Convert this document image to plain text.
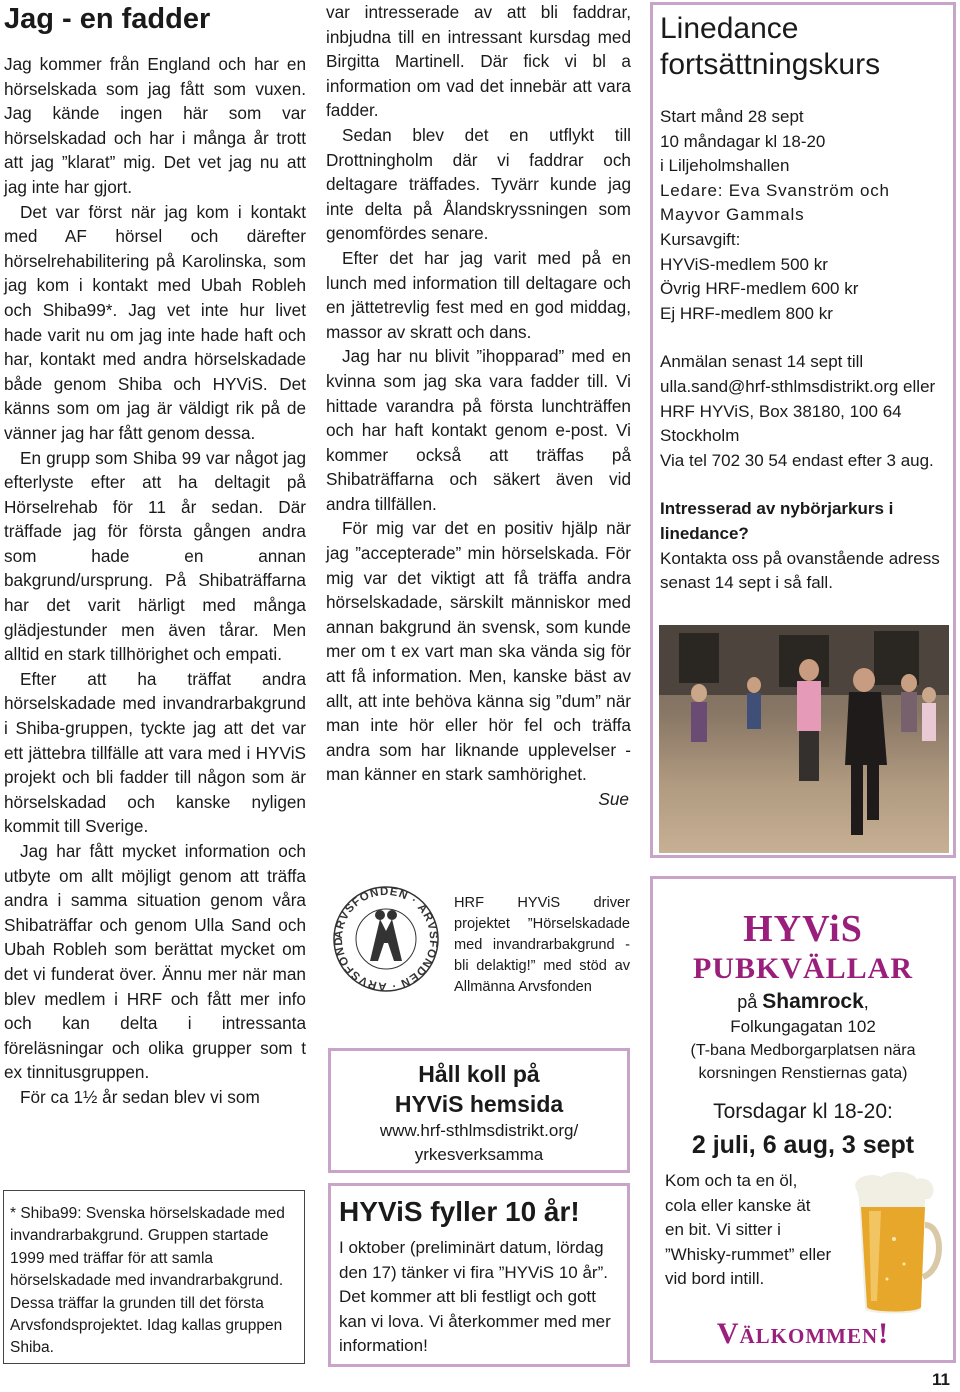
Jag - en fadder

Jag kommer från England och har en hörselskada som jag fått som vuxen. Jag kände ingen här som var hörselskadad och har i många år trott att jag ”klarat” mig. Det vet jag nu att jag inte har gjort.

Det var först när jag kom i kontakt med AF hörsel och därefter hörselrehabilitering på Karolinska, som jag kom i kontakt med Ubah Robleh och Shiba99*. Jag vet inte hur livet hade varit nu om jag inte hade haft och har, kontakt med andra hörselskadade både genom Shiba och HYViS. Det känns som om jag är väldigt rik på de vänner jag har fått genom dessa.

En grupp som Shiba 99 var något jag efterlyste efter att ha deltagit på Hörselrehab för 11 år sedan. Där träffade jag för första gången andra som hade en annan bakgrund/ursprung. På Shibaträffarna har det varit härligt med många glädjestunder men även tårar. Men alltid en stark tillhörighet och empati.

Efter att ha träffat andra hörselskadade med invandrarbakgrund i Shiba-gruppen, tyckte jag att det var ett jättebra tillfälle att vara med i HYViS projekt och bli fadder till någon som är hörselskadad och kanske nyligen kommit till Sverige.

Jag har fått mycket information och utbyte om allt möjligt genom att träffa andra i samma situation genom våra Shibaträffar och genom Ulla Sand och Ubah Robleh som berättat mycket om det vi funderat över. Ännu mer när man blev medlem i HRF och fått mer info och kan delta i intressanta föreläsningar och olika grupper som t ex tinnitusgruppen.

För ca 1½ år sedan blev vi som

* Shiba99: Svenska hörselskadade med invandrarbakgrund. Gruppen startade 1999 med träffar för att samla hörselskadade med invandrarbakgrund. Dessa träffar la grunden till det första Arvsfondsprojektet. Idag kallas gruppen Shiba.

var intresserade av att bli faddrar, inbjudna till en intressant kursdag med Birgitta Martinell. Där fick vi bl a information om vad det innebär att vara fadder.

Sedan blev det en utflykt till Drottningholm där vi faddrar och deltagare träffades. Tyvärr kunde jag inte delta på Ålandskryssningen som genomfördes senare.

Efter det har jag varit med på en lunch med information till deltagare och en jättetrevlig fest med en god middag, massor av skratt och dans.

Jag har nu blivit ”ihopparad” med en kvinna som jag ska vara fadder till. Vi hittade varandra på första lunchträffen och har haft kontakt genom e-post. Vi kommer också att träffas på Shibaträffarna och säkert även vid andra tillfällen.

För mig var det en positiv hjälp när jag ”accepterade” min hörselskada. För mig var det viktigt att få träffa andra hörselskadade, särskilt människor med annan bakgrund än svensk, som kunde mer om t ex vart man ska vända sig för att få information. Men, kanske bäst av allt, att inte behöva känna sig ”dum” när man inte hör eller hör fel och träffa andra som har liknande upplevelser - man känner en stark samhörighet.

Sue

ARVSFONDEN · ARVSFONDEN · ARVSFOND

HRF HYViS driver projektet ”Hörselskadade med invandrarbakgrund - bli delaktig!” med stöd av Allmänna Arvsfonden

Håll koll på
HYViS hemsida
www.hrf-sthlmsdistrikt.org/
yrkesverksamma
HYViS fyller 10 år!

I oktober (preliminärt datum, lördag den 17) tänker vi fira ”HYViS 10 år”. Det kommer att bli festligt och gott kan vi lova. Vi återkommer med mer information!

Linedance
fortsättningskurs
Start månd 28 sept
10 måndagar kl 18-20
i Liljeholmshallen
Ledare: Eva Svanström och Mayvor Gammals
Kursavgift:
HYViS-medlem 500 kr
Övrig HRF-medlem 600 kr
Ej HRF-medlem 800 kr

Anmälan senast 14 sept till ulla.sand@hrf-sthlmsdistrikt.org eller HRF HYViS, Box 38180, 100 64 Stockholm

Via tel 702 30 54 endast efter 3 aug.

Intresserad av nybörjarkurs i linedance?

Kontakta oss på ovanstående adress senast 14 sept i så fall.

HYViS
PUBKVÄLLAR
på Shamrock,
Folkungagatan 102
(T-bana Medborgarplatsen nära korsningen Renstiernas gata)
Torsdagar kl 18-20:
2 juli, 6 aug, 3 sept

Kom och ta en öl, cola eller kanske ät en bit. Vi sitter i ”Whisky-rummet” eller vid bord intill.

Välkommen!
11
